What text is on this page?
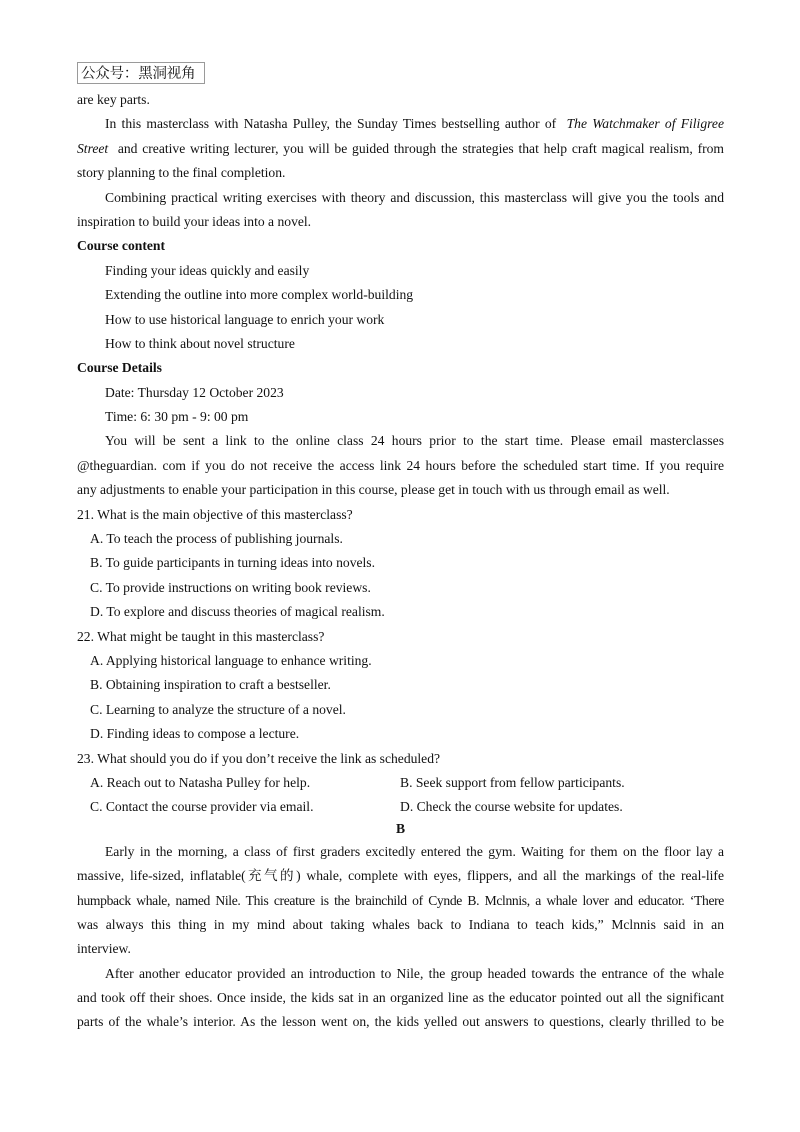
公众号：黑洞视角
are key parts.
In this masterclass with Natasha Pulley, the Sunday Times bestselling author of The Watchmaker of Filigree
Street and creative writing lecturer, you will be guided through the strategies that help craft magical realism, from
story planning to the final completion.
Combining practical writing exercises with theory and discussion, this masterclass will give you the tools and
inspiration to build your ideas into a novel.
Course content
Finding your ideas quickly and easily
Extending the outline into more complex world-building
How to use historical language to enrich your work
How to think about novel structure
Course Details
Date: Thursday 12 October 2023
Time: 6: 30 pm - 9: 00 pm
You will be sent a link to the online class 24 hours prior to the start time. Please email masterclasses
@theguardian. com if you do not receive the access link 24 hours before the scheduled start time. If you require
any adjustments to enable your participation in this course, please get in touch with us through email as well.
21. What is the main objective of this masterclass?
A. To teach the process of publishing journals.
B. To guide participants in turning ideas into novels.
C. To provide instructions on writing book reviews.
D. To explore and discuss theories of magical realism.
22. What might be taught in this masterclass?
A. Applying historical language to enhance writing.
B. Obtaining inspiration to craft a bestseller.
C. Learning to analyze the structure of a novel.
D. Finding ideas to compose a lecture.
23. What should you do if you don’t receive the link as scheduled?
A. Reach out to Natasha Pulley for help.	B. Seek support from fellow participants.
C. Contact the course provider via email.	D. Check the course website for updates.
B
Early in the morning, a class of first graders excitedly entered the gym. Waiting for them on the floor lay a
massive, life-sized, inflatable(充气的) whale, complete with eyes, flippers, and all the markings of the real-life
humpback whale, named Nile. This creature is the brainchild of Cynde B. Mclnnis, a whale lover and educator. ‘There
was always this thing in my mind about taking whales back to Indiana to teach kids,” Mclnnis said in an
interview.
After another educator provided an introduction to Nile, the group headed towards the entrance of the whale
and took off their shoes. Once inside, the kids sat in an organized line as the educator pointed out all the significant
parts of the whale’s interior. As the lesson went on, the kids yelled out answers to questions, clearly thrilled to be
